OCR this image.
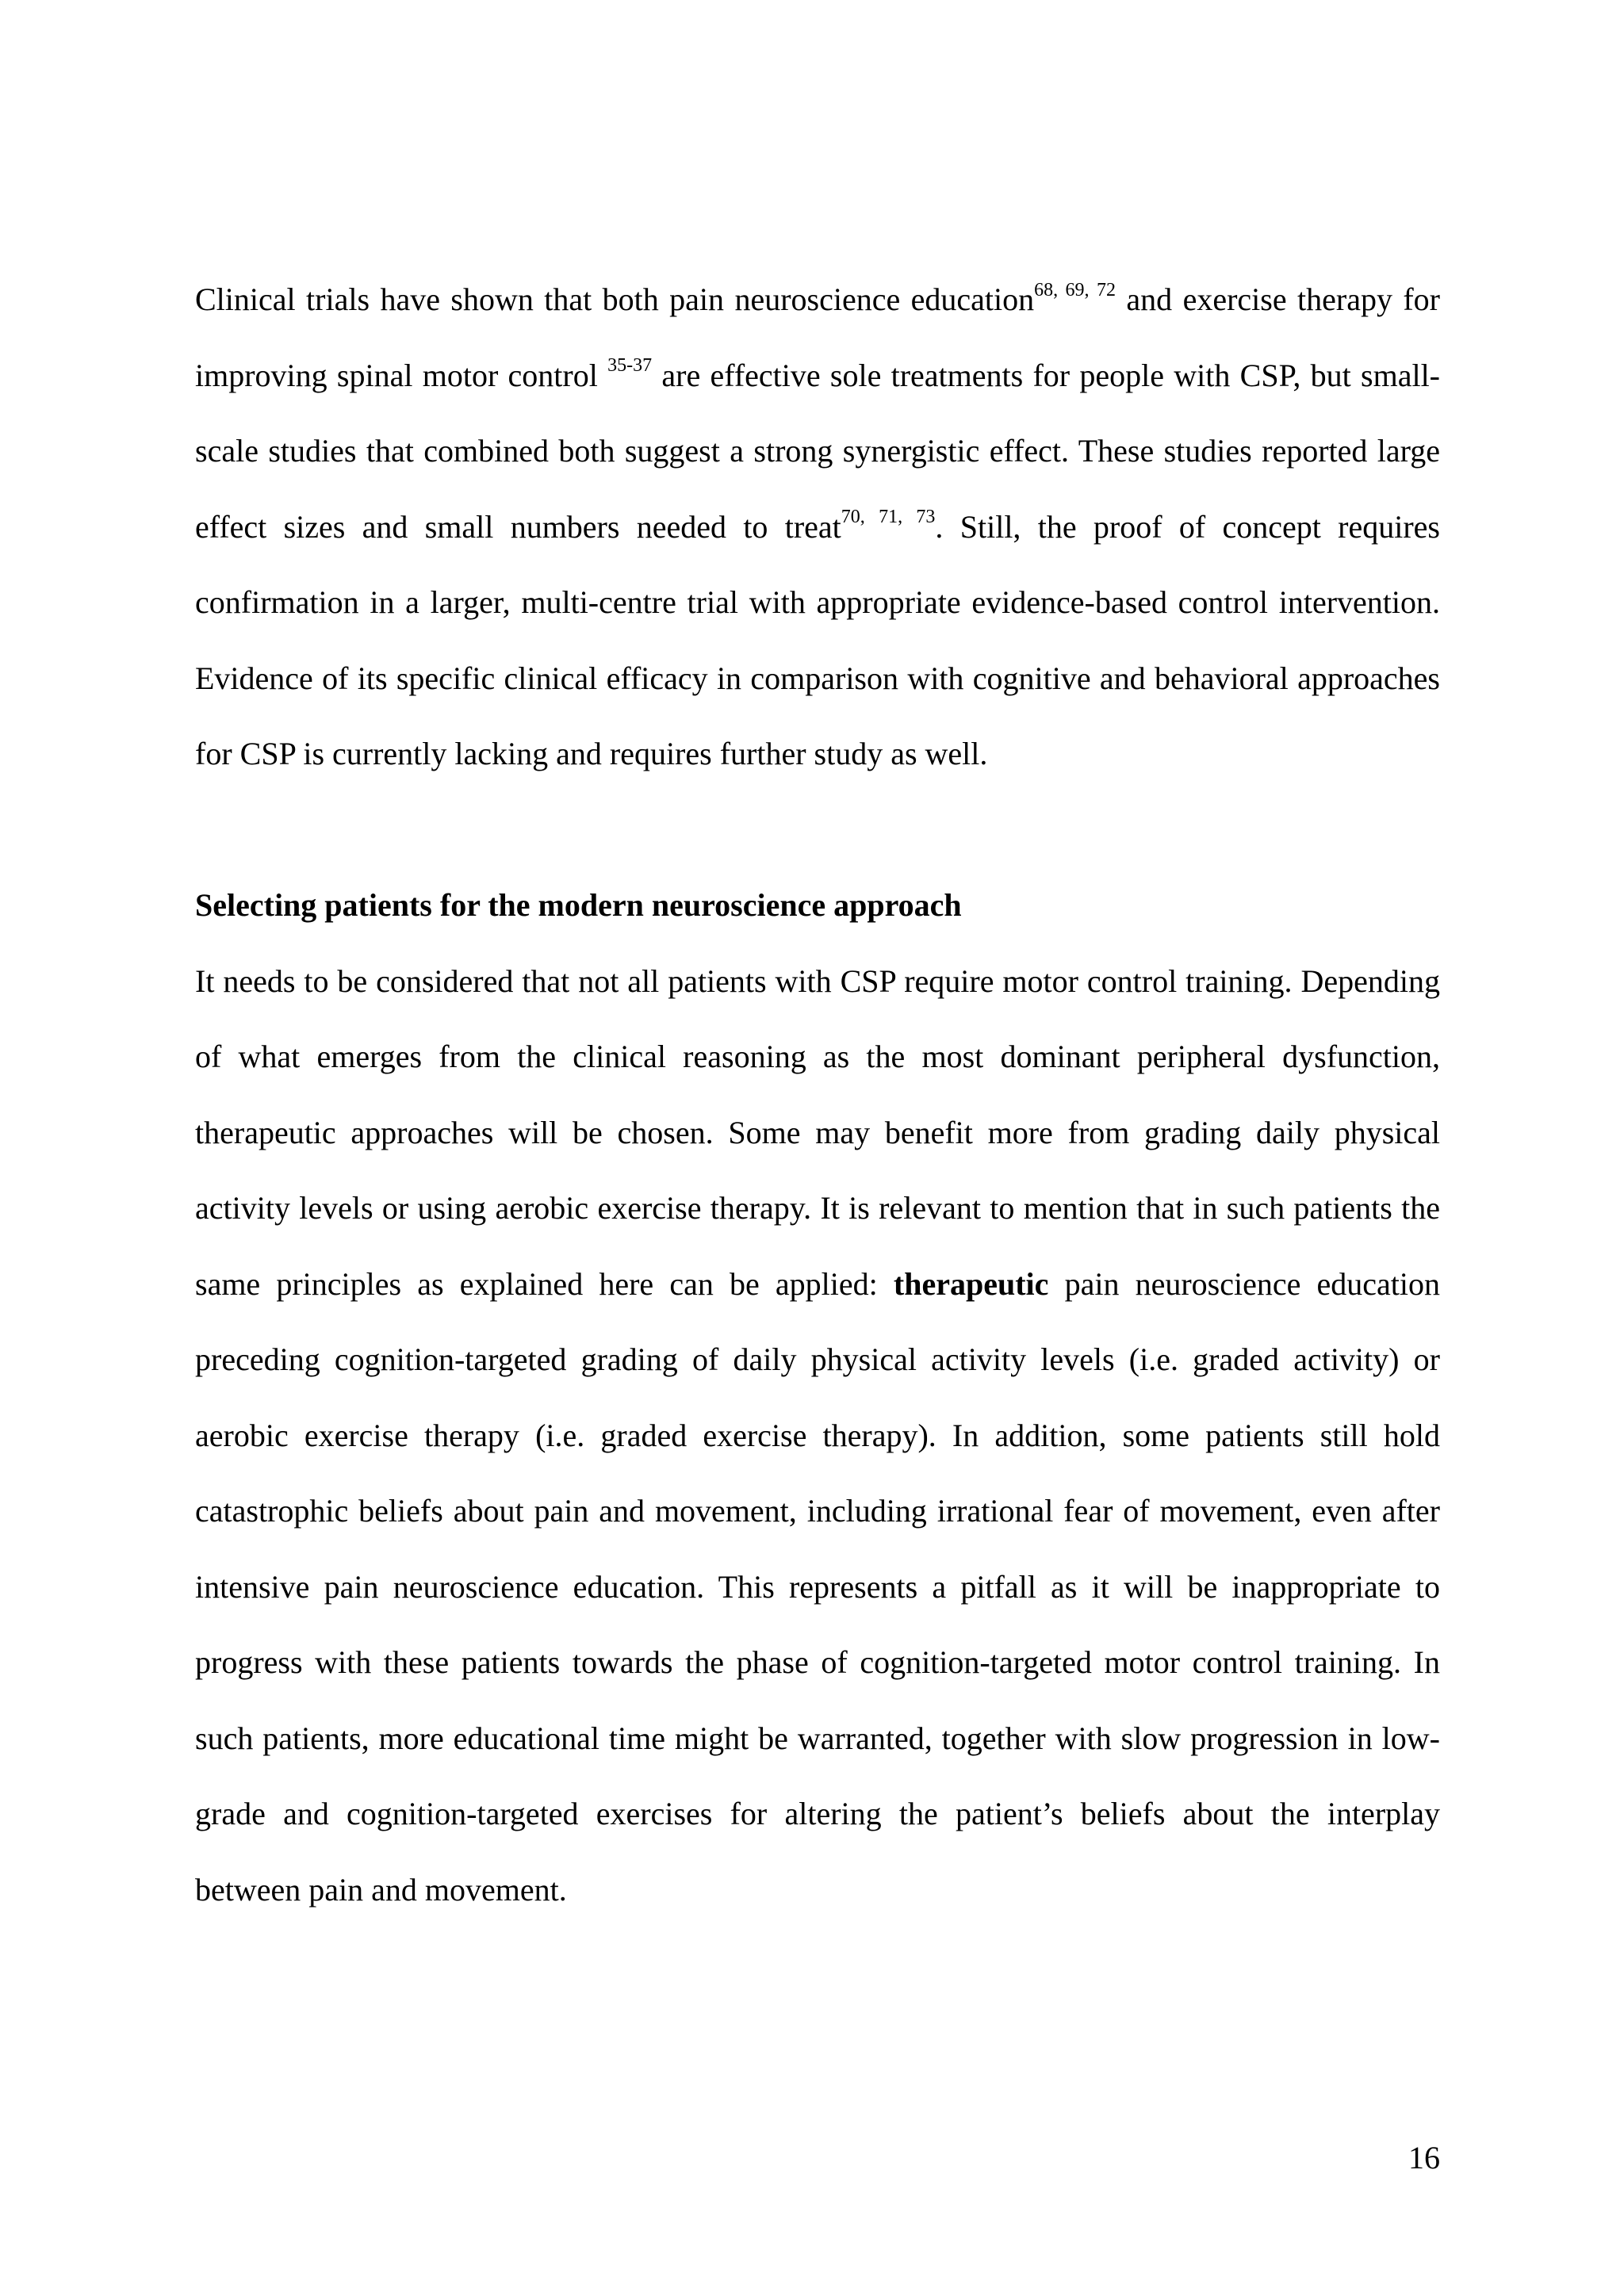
Clinical trials have shown that both pain neuroscience education$^{68, 69, 72}$ and exercise therapy for improving spinal motor control $^{35-37}$ are effective sole treatments for people with CSP, but small-scale studies that combined both suggest a strong synergistic effect. These studies reported large effect sizes and small numbers needed to treat$^{70, 71, 73}$. Still, the proof of concept requires confirmation in a larger, multi-centre trial with appropriate evidence-based control intervention. Evidence of its specific clinical efficacy in comparison with cognitive and behavioral approaches for CSP is currently lacking and requires further study as well.

Selecting patients for the modern neuroscience approach

It needs to be considered that not all patients with CSP require motor control training. Depending of what emerges from the clinical reasoning as the most dominant peripheral dysfunction, therapeutic approaches will be chosen. Some may benefit more from grading daily physical activity levels or using aerobic exercise therapy. It is relevant to mention that in such patients the same principles as explained here can be applied: therapeutic pain neuroscience education preceding cognition-targeted grading of daily physical activity levels (i.e. graded activity) or aerobic exercise therapy (i.e. graded exercise therapy). In addition, some patients still hold catastrophic beliefs about pain and movement, including irrational fear of movement, even after intensive pain neuroscience education. This represents a pitfall as it will be inappropriate to progress with these patients towards the phase of cognition-targeted motor control training. In such patients, more educational time might be warranted, together with slow progression in low-grade and cognition-targeted exercises for altering the patient’s beliefs about the interplay between pain and movement.

16
